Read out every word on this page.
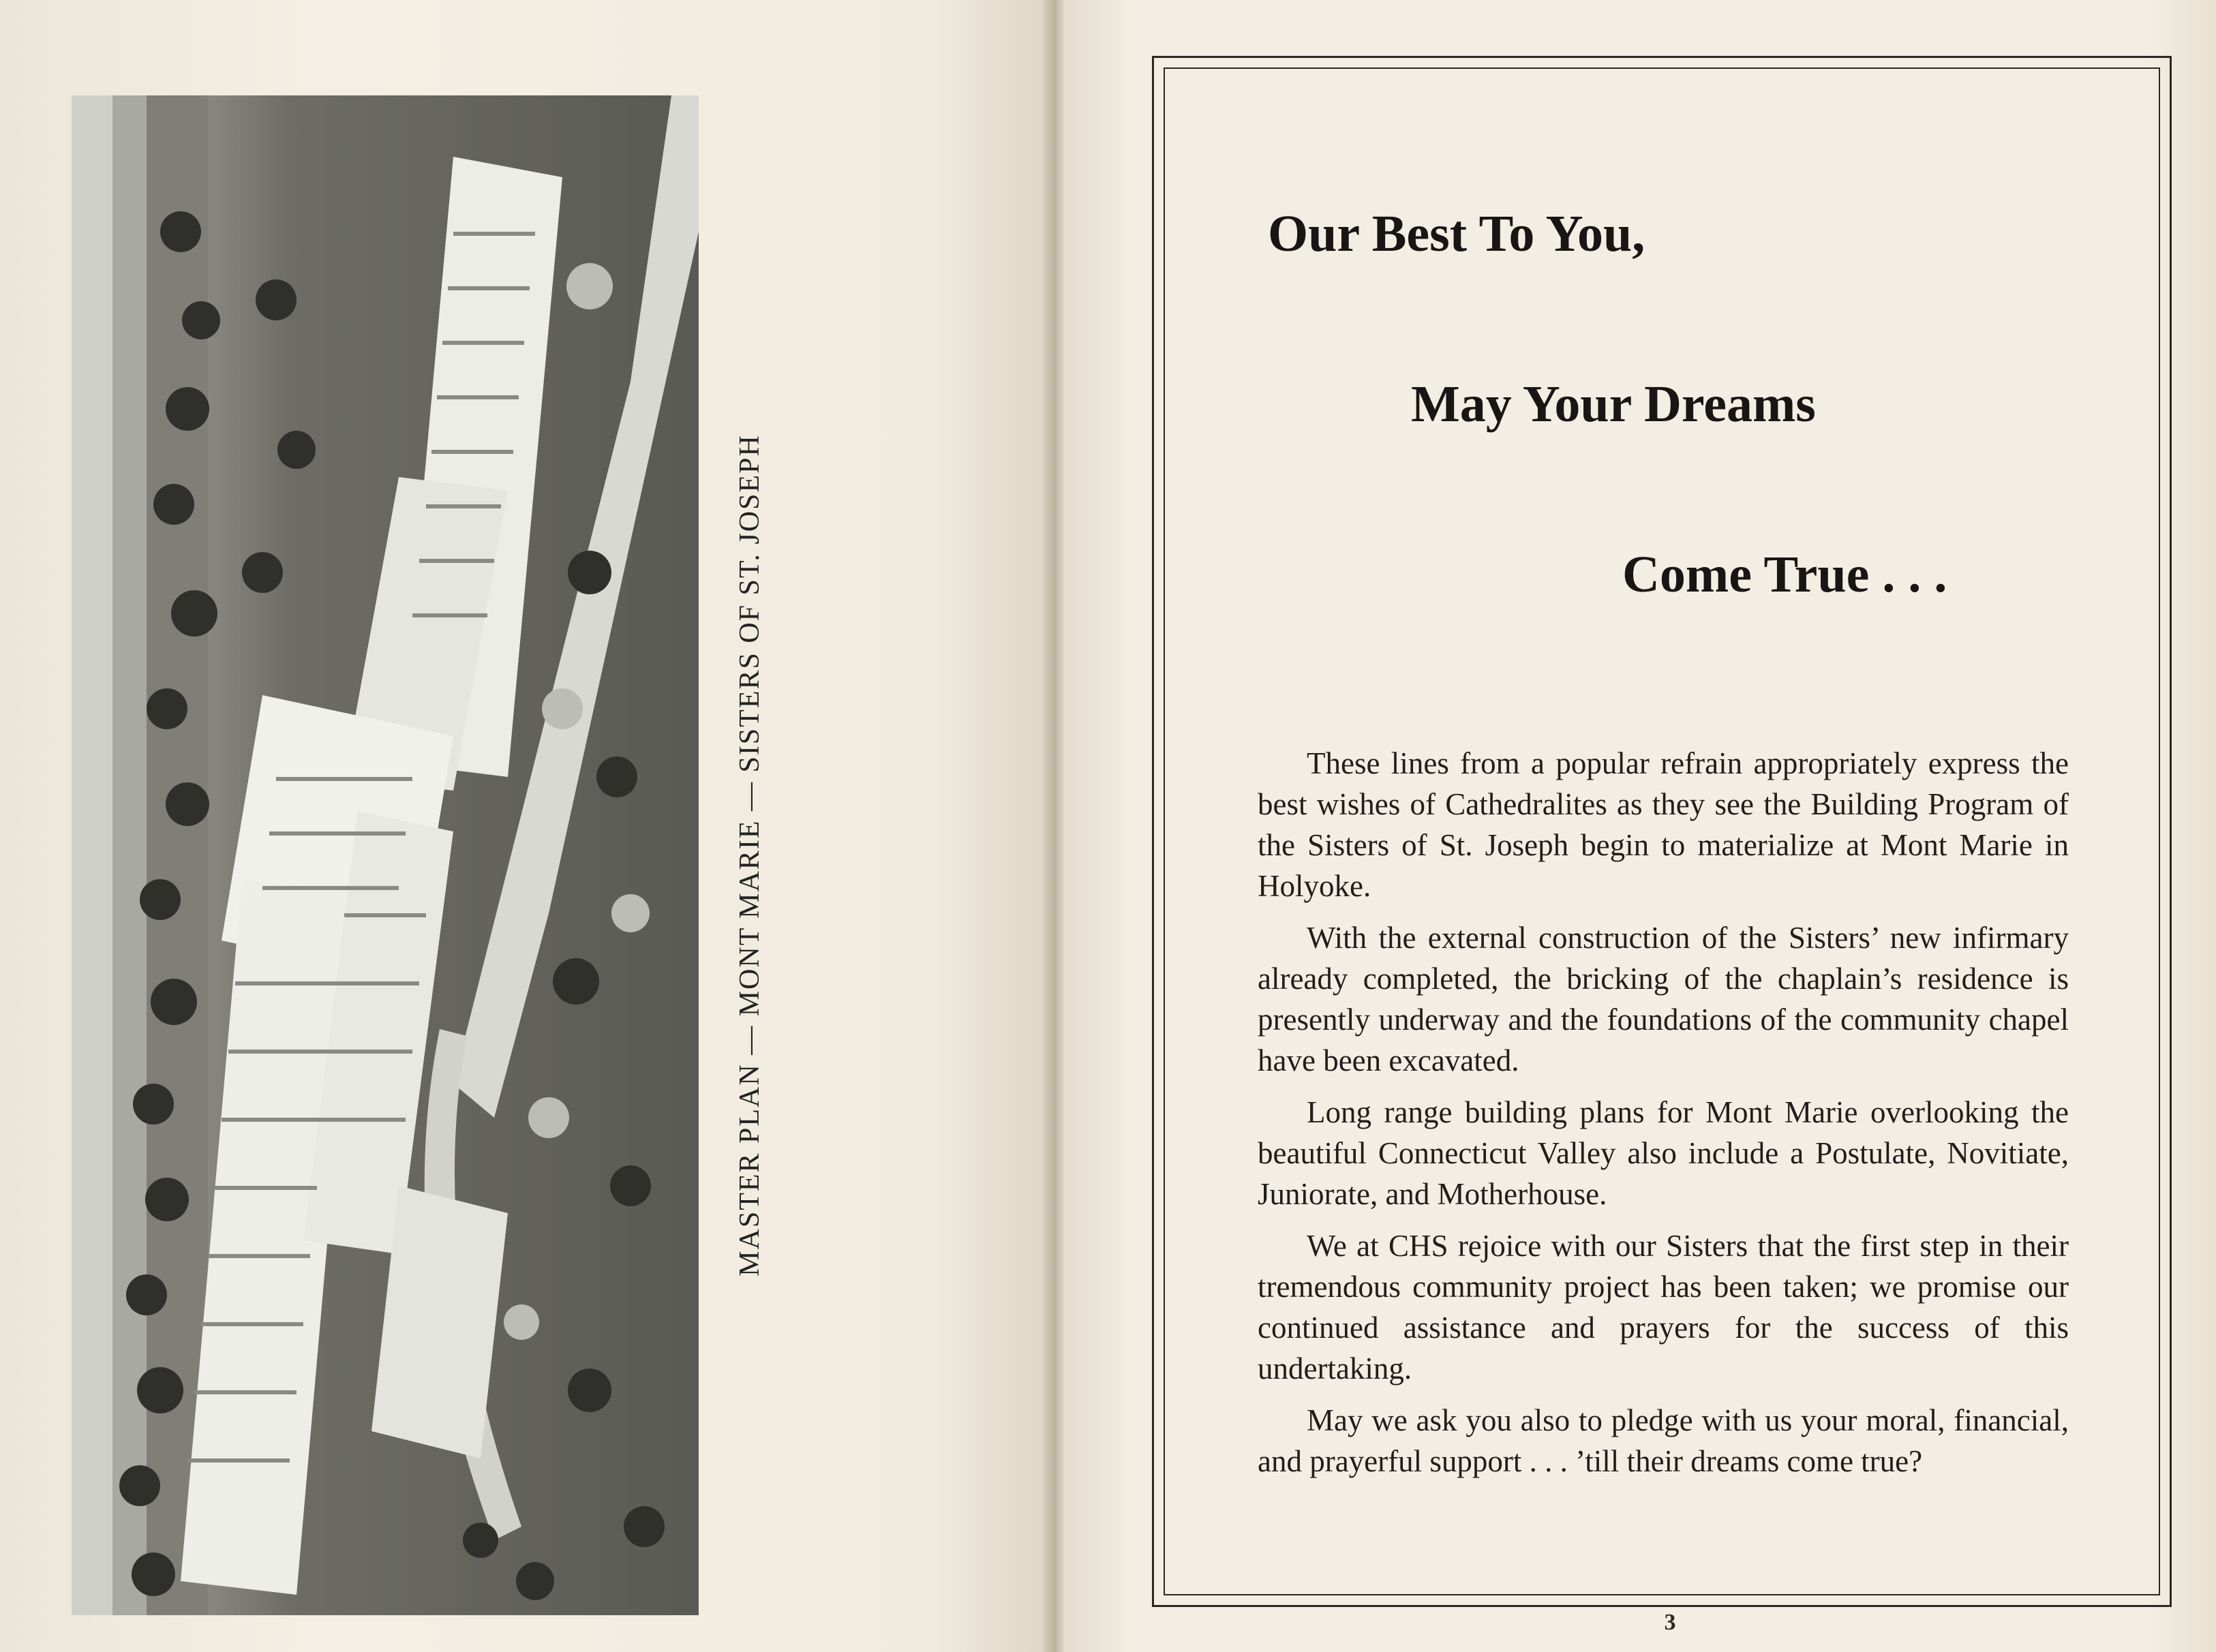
MASTER PLAN — MONT MARIE — SISTERS OF ST. JOSEPH
Our Best To You,
May Your Dreams
Come True . . .

These lines from a popular refrain appropriately express the best wishes of Cathedralites as they see the Building Program of the Sisters of St. Joseph begin to materialize at Mont Marie in Holyoke.

With the external construction of the Sisters’ new infirmary already completed, the bricking of the chaplain’s residence is presently underway and the foundations of the community chapel have been excavated.

Long range building plans for Mont Marie overlooking the beautiful Connecticut Valley also include a Postulate, Novitiate, Juniorate, and Motherhouse.

We at CHS rejoice with our Sisters that the first step in their tremendous community project has been taken; we promise our continued assistance and prayers for the success of this undertaking.

May we ask you also to pledge with us your moral, financial, and prayerful support . . . ’till their dreams come true?

3
